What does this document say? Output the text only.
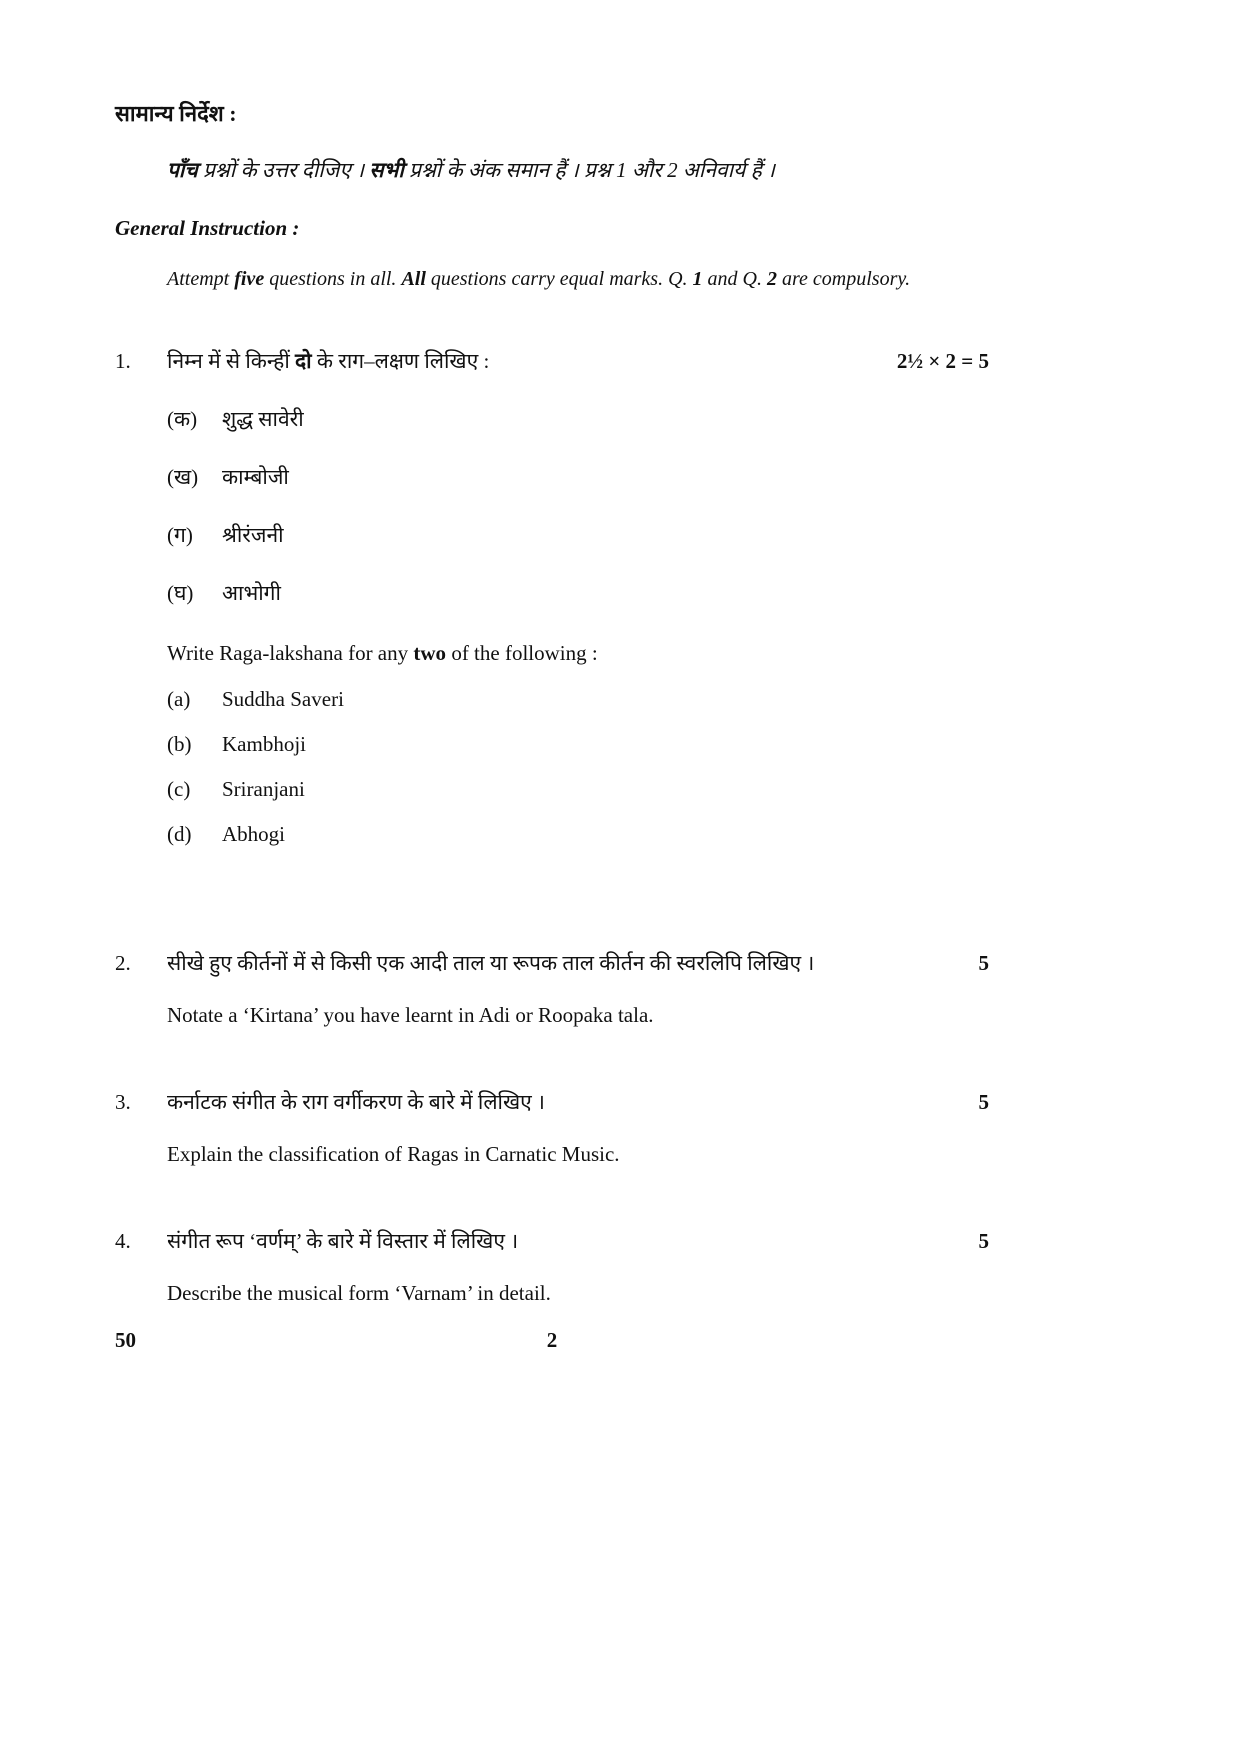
सामान्य निर्देश :

पाँच प्रश्नों के उत्तर दीजिए । सभी प्रश्नों के अंक समान हैं । प्रश्न 1 और 2 अनिवार्य हैं ।

General Instruction :

Attempt five questions in all. All questions carry equal marks. Q. 1 and Q. 2 are compulsory.

1.	निम्न में से किन्हीं दो के राग–लक्षण लिखिए :	2½ × 2 = 5
(क)	शुद्ध सावेरी
(ख)	काम्बोजी
(ग)	श्रीरंजनी
(घ)	आभोगी

Write Raga-lakshana for any two of the following :

(a)	Suddha Saveri
(b)	Kambhoji
(c)	Sriranjani
(d)	Abhogi
2.	सीखे हुए कीर्तनों में से किसी एक आदी ताल या रूपक ताल कीर्तन की स्वरलिपि लिखिए ।	5

Notate a ‘Kirtana’ you have learnt in Adi or Roopaka tala.

3.	कर्नाटक संगीत के राग वर्गीकरण के बारे में लिखिए ।	5

Explain the classification of Ragas in Carnatic Music.

4.	संगीत रूप ‘वर्णम्’ के बारे में विस्तार में लिखिए ।	5

Describe the musical form ‘Varnam’ in detail.

50	2
